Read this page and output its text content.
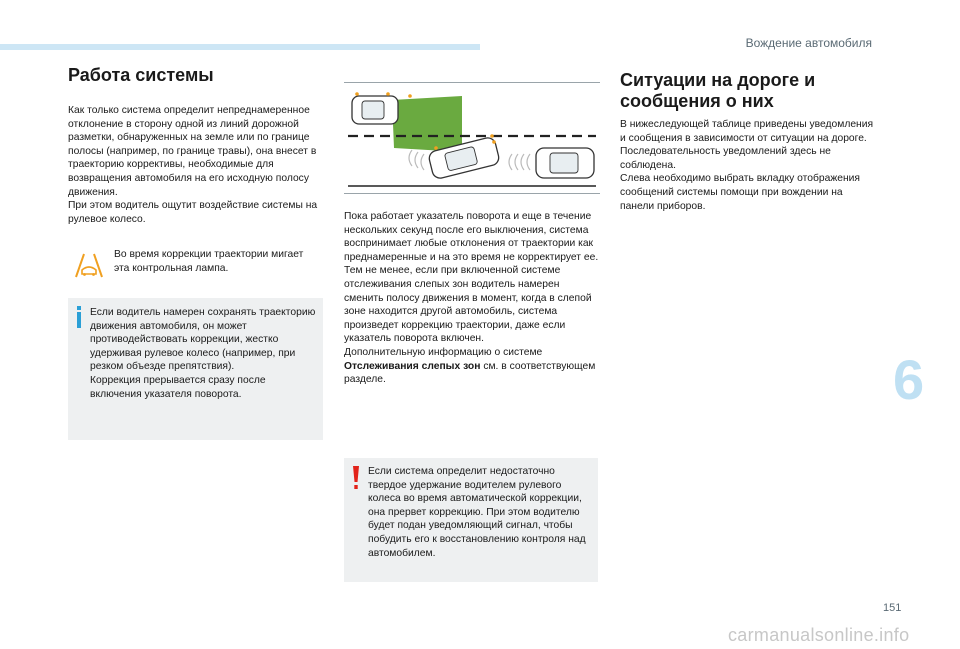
Вождение автомобиля
6
151
Работа системы
Как только система определит непреднамеренное отклонение в сторону одной из линий дорожной разметки, обнаруженных на земле или по границе полосы (например, по границе травы), она внесет в траекторию коррективы, необходимые для возвращения автомобиля на его исходную полосу движения.
При этом водитель ощутит воздействие системы на рулевое колесо.
Во время коррекции траектории мигает эта контрольная лампа.
Если водитель намерен сохранять траекторию движения автомобиля, он может противодействовать коррекции, жестко удерживая рулевое колесо (например, при резком объезде препятствия).
Коррекция прерывается сразу после включения указателя поворота.
Пока работает указатель поворота и еще в течение нескольких секунд после его выключения, система воспринимает любые отклонения от траектории как преднамеренные и на это время не корректирует ее.
Тем не менее, если при включенной системе отслеживания слепых зон водитель намерен сменить полосу движения в момент, когда в слепой зоне находится другой автомобиль, система произведет коррекцию траектории, даже если указатель поворота включен.
Дополнительную информацию о системе Отслеживания слепых зон см. в соответствующем разделе.
Если система определит недостаточно твердое удержание водителем рулевого колеса во время автоматической коррекции, она прервет коррекцию. При этом водителю будет подан уведомляющий сигнал, чтобы побудить его к восстановлению контроля над автомобилем.
Ситуации на дороге и сообщения о них
В нижеследующей таблице приведены уведомления и сообщения в зависимости от ситуации на дороге.
Последовательность уведомлений здесь не соблюдена.
Слева необходимо выбрать вкладку отображения сообщений системы помощи при вождении на панели приборов.
carmanualsonline.info
